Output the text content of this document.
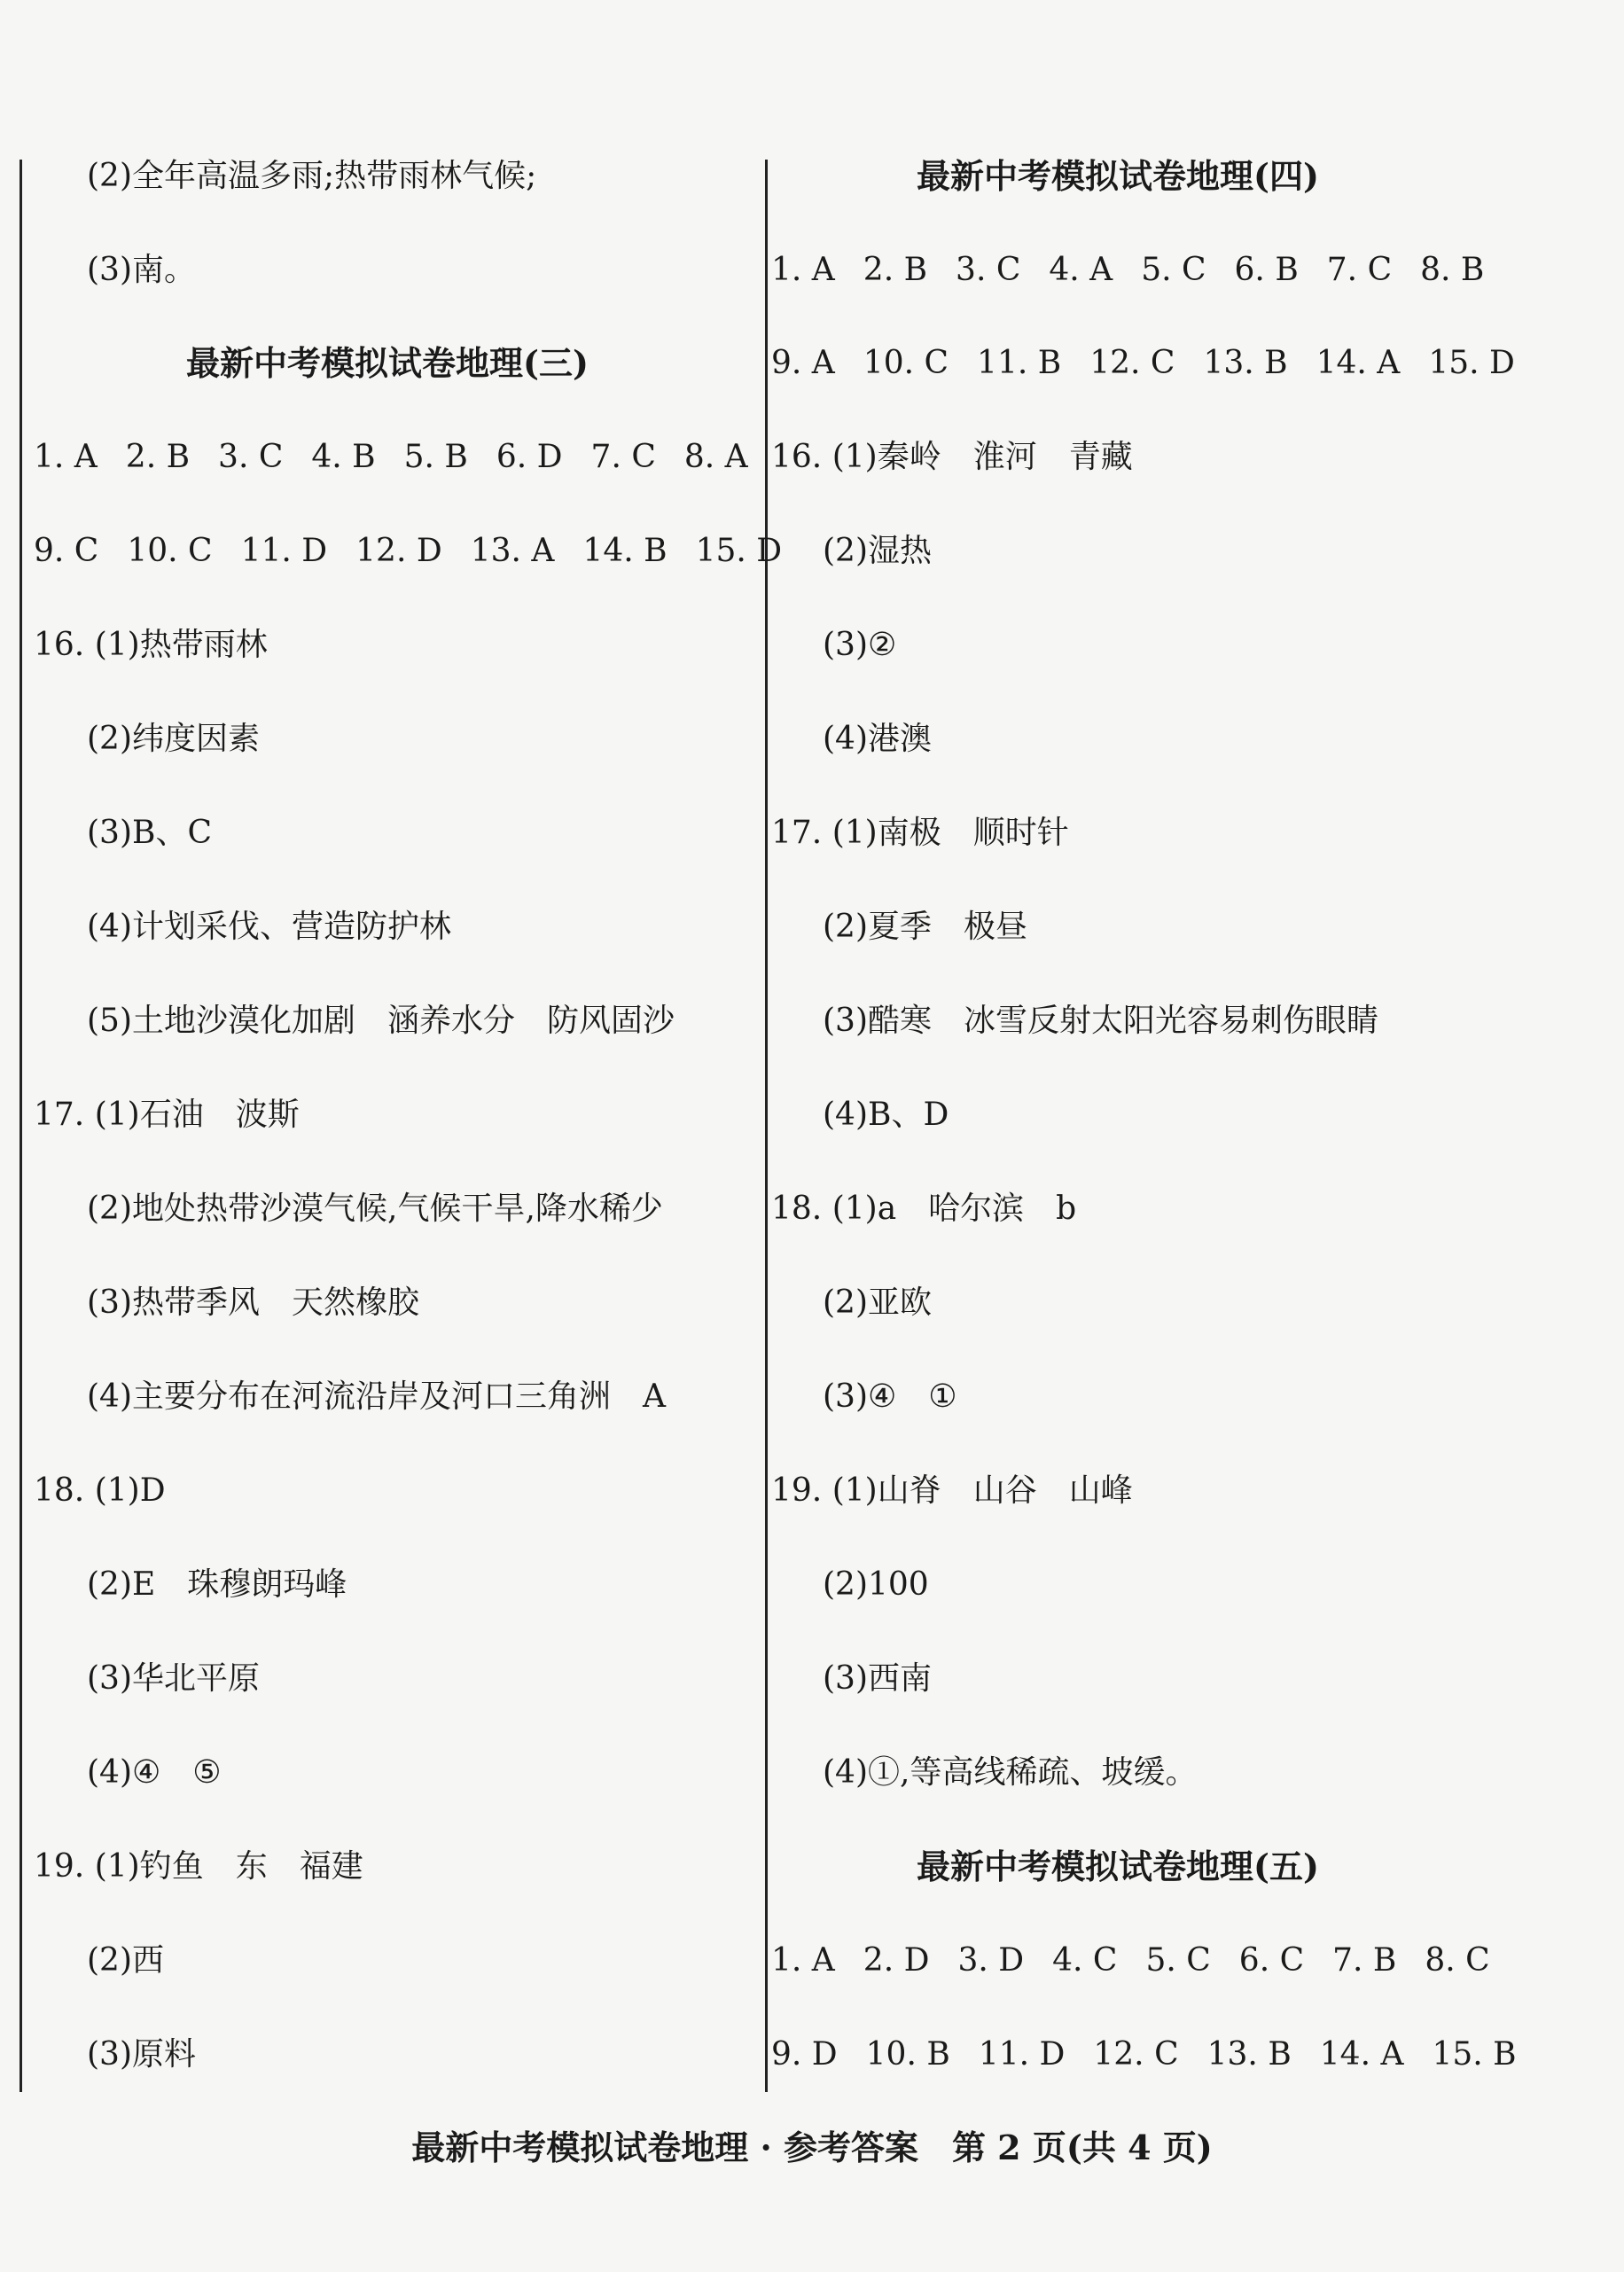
(2)全年高温多雨;热带雨林气候;
(3)南。
最新中考模拟试卷地理(三)
1. A 2. B 3. C 4. B 5. B 6. D 7. C 8. A
9. C 10. C 11. D 12. D 13. A 14. B 15. D
16. (1)热带雨林
(2)纬度因素
(3)B、C
(4)计划采伐、营造防护林
(5)土地沙漠化加剧　涵养水分　防风固沙
17. (1)石油　波斯
(2)地处热带沙漠气候,气候干旱,降水稀少
(3)热带季风　天然橡胶
(4)主要分布在河流沿岸及河口三角洲　A
18. (1)D
(2)E　珠穆朗玛峰
(3)华北平原
(4)④　⑤
19. (1)钓鱼　东　福建
(2)西
(3)原料
最新中考模拟试卷地理(四)
1. A 2. B 3. C 4. A 5. C 6. B 7. C 8. B
9. A 10. C 11. B 12. C 13. B 14. A 15. D
16. (1)秦岭　淮河　青藏
(2)湿热
(3)②
(4)港澳
17. (1)南极　顺时针
(2)夏季　极昼
(3)酷寒　冰雪反射太阳光容易刺伤眼睛
(4)B、D
18. (1)a　哈尔滨　b
(2)亚欧
(3)④　①
19. (1)山脊　山谷　山峰
(2)100
(3)西南
(4)①,等高线稀疏、坡缓。
最新中考模拟试卷地理(五)
1. A 2. D 3. D 4. C 5. C 6. C 7. B 8. C
9. D 10. B 11. D 12. C 13. B 14. A 15. B
最新中考模拟试卷地理 · 参考答案　第 2 页(共 4 页)
